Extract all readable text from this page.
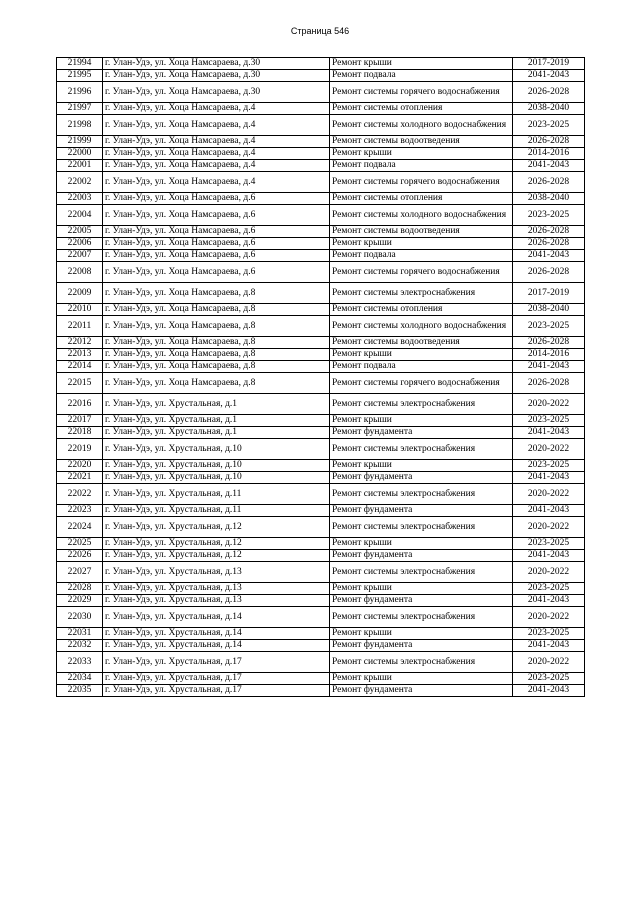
Страница 546
21994	г. Улан-Удэ, ул. Хоца Намсараева, д.30	Ремонт крыши	2017-2019
21995	г. Улан-Удэ, ул. Хоца Намсараева, д.30	Ремонт подвала	2041-2043
21996	г. Улан-Удэ, ул. Хоца Намсараева, д.30	Ремонт системы горячего водоснабжения	2026-2028
21997	г. Улан-Удэ, ул. Хоца Намсараева, д.4	Ремонт системы отопления	2038-2040
21998	г. Улан-Удэ, ул. Хоца Намсараева, д.4	Ремонт системы холодного водоснабжения	2023-2025
21999	г. Улан-Удэ, ул. Хоца Намсараева, д.4	Ремонт системы водоотведения	2026-2028
22000	г. Улан-Удэ, ул. Хоца Намсараева, д.4	Ремонт крыши	2014-2016
22001	г. Улан-Удэ, ул. Хоца Намсараева, д.4	Ремонт подвала	2041-2043
22002	г. Улан-Удэ, ул. Хоца Намсараева, д.4	Ремонт системы горячего водоснабжения	2026-2028
22003	г. Улан-Удэ, ул. Хоца Намсараева, д.6	Ремонт системы отопления	2038-2040
22004	г. Улан-Удэ, ул. Хоца Намсараева, д.6	Ремонт системы холодного водоснабжения	2023-2025
22005	г. Улан-Удэ, ул. Хоца Намсараева, д.6	Ремонт системы водоотведения	2026-2028
22006	г. Улан-Удэ, ул. Хоца Намсараева, д.6	Ремонт крыши	2026-2028
22007	г. Улан-Удэ, ул. Хоца Намсараева, д.6	Ремонт подвала	2041-2043
22008	г. Улан-Удэ, ул. Хоца Намсараева, д.6	Ремонт системы горячего водоснабжения	2026-2028
22009	г. Улан-Удэ, ул. Хоца Намсараева, д.8	Ремонт системы электроснабжения	2017-2019
22010	г. Улан-Удэ, ул. Хоца Намсараева, д.8	Ремонт системы отопления	2038-2040
22011	г. Улан-Удэ, ул. Хоца Намсараева, д.8	Ремонт системы холодного водоснабжения	2023-2025
22012	г. Улан-Удэ, ул. Хоца Намсараева, д.8	Ремонт системы водоотведения	2026-2028
22013	г. Улан-Удэ, ул. Хоца Намсараева, д.8	Ремонт крыши	2014-2016
22014	г. Улан-Удэ, ул. Хоца Намсараева, д.8	Ремонт подвала	2041-2043
22015	г. Улан-Удэ, ул. Хоца Намсараева, д.8	Ремонт системы горячего водоснабжения	2026-2028
22016	г. Улан-Удэ, ул. Хрустальная, д.1	Ремонт системы электроснабжения	2020-2022
22017	г. Улан-Удэ, ул. Хрустальная, д.1	Ремонт крыши	2023-2025
22018	г. Улан-Удэ, ул. Хрустальная, д.1	Ремонт фундамента	2041-2043
22019	г. Улан-Удэ, ул. Хрустальная, д.10	Ремонт системы электроснабжения	2020-2022
22020	г. Улан-Удэ, ул. Хрустальная, д.10	Ремонт крыши	2023-2025
22021	г. Улан-Удэ, ул. Хрустальная, д.10	Ремонт фундамента	2041-2043
22022	г. Улан-Удэ, ул. Хрустальная, д.11	Ремонт системы электроснабжения	2020-2022
22023	г. Улан-Удэ, ул. Хрустальная, д.11	Ремонт фундамента	2041-2043
22024	г. Улан-Удэ, ул. Хрустальная, д.12	Ремонт системы электроснабжения	2020-2022
22025	г. Улан-Удэ, ул. Хрустальная, д.12	Ремонт крыши	2023-2025
22026	г. Улан-Удэ, ул. Хрустальная, д.12	Ремонт фундамента	2041-2043
22027	г. Улан-Удэ, ул. Хрустальная, д.13	Ремонт системы электроснабжения	2020-2022
22028	г. Улан-Удэ, ул. Хрустальная, д.13	Ремонт крыши	2023-2025
22029	г. Улан-Удэ, ул. Хрустальная, д.13	Ремонт фундамента	2041-2043
22030	г. Улан-Удэ, ул. Хрустальная, д.14	Ремонт системы электроснабжения	2020-2022
22031	г. Улан-Удэ, ул. Хрустальная, д.14	Ремонт крыши	2023-2025
22032	г. Улан-Удэ, ул. Хрустальная, д.14	Ремонт фундамента	2041-2043
22033	г. Улан-Удэ, ул. Хрустальная, д.17	Ремонт системы электроснабжения	2020-2022
22034	г. Улан-Удэ, ул. Хрустальная, д.17	Ремонт крыши	2023-2025
22035	г. Улан-Удэ, ул. Хрустальная, д.17	Ремонт фундамента	2041-2043
